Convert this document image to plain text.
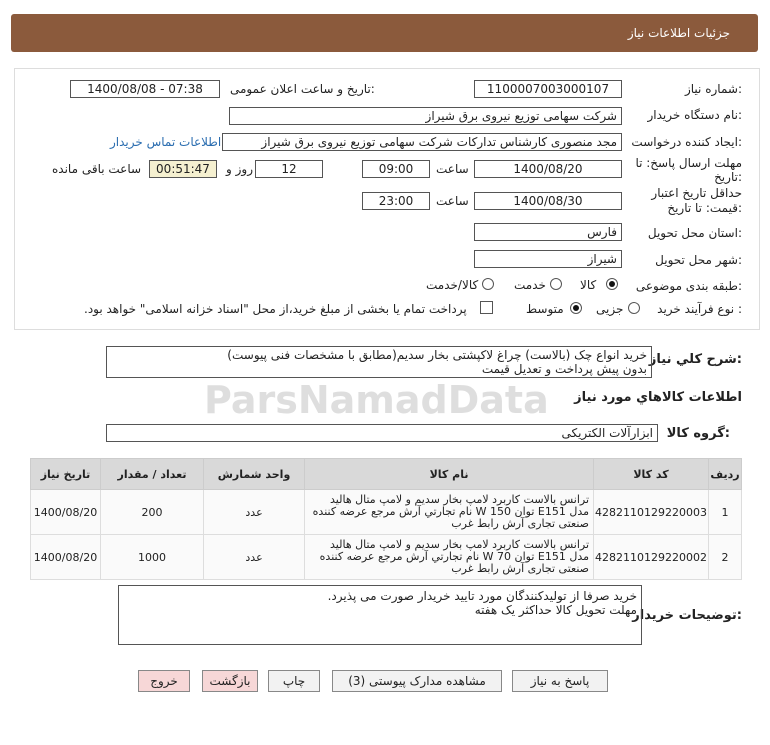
جزئیات اطلاعات نیاز
شماره نیاز:
1100007003000107
تاریخ و ساعت اعلان عمومی:
1400/08/08 - 07:38
نام دستگاه خریدار:
شرکت سهامی توزیع نیروی برق شیراز
ایجاد کننده درخواست:
مجد منصوری کارشناس تدارکات شرکت سهامی توزیع نیروی برق شیراز
اطلاعات تماس خریدار
مهلت ارسال پاسخ: تا تاریخ:
1400/08/20
ساعت
09:00
12
روز و
00:51:47
ساعت باقی مانده
حداقل تاریخ اعتبار
قیمت: تا تاریخ:
1400/08/30
ساعت
23:00
استان محل تحویل:
فارس
شهر محل تحویل:
شیراز
طبقه بندی موضوعی:
کالا
خدمت
کالا/خدمت
نوع فرآیند خرید :
جزیی
متوسط
پرداخت تمام یا بخشی از مبلغ خرید،از محل "اسناد خزانه اسلامی" خواهد بود.
شرح کلي نياز:
خرید انواع چک (بالاست) چراغ لاکپشتی بخار سدیم(مطابق با مشخصات فنی پیوست)
بدون پیش پرداخت و تعدیل قیمت
اطلاعات کالاهاي مورد نياز
گروه کالا:
ابزارآلات الکتریکی
ParsNamadData
ردیف	کد کالا	نام کالا	واحد شمارش	تعداد / مقدار	تاریخ نیاز
1	4282110129220003	ترانس بالاست کاربرد لامپ بخار سدیم و لامپ متال هالید مدل E151 توان 150 W نام تجارتي آرش مرجع عرضه کننده صنعتی تجاری آرش رابط غرب	عدد	200	1400/08/20
2	4282110129220002	ترانس بالاست کاربرد لامپ بخار سدیم و لامپ متال هالید مدل E151 توان 70 W نام تجارتي آرش مرجع عرضه کننده صنعتی تجاری آرش رابط غرب	عدد	1000	1400/08/20
توضیحات خریدار:
خرید صرفا از تولیدکنندگان مورد تایید خریدار صورت می پذیرد.
مهلت تحویل کالا حداکثر یک هفته
پاسخ به نیاز
مشاهده مدارک پیوستی (3)
چاپ
بازگشت
خروج
